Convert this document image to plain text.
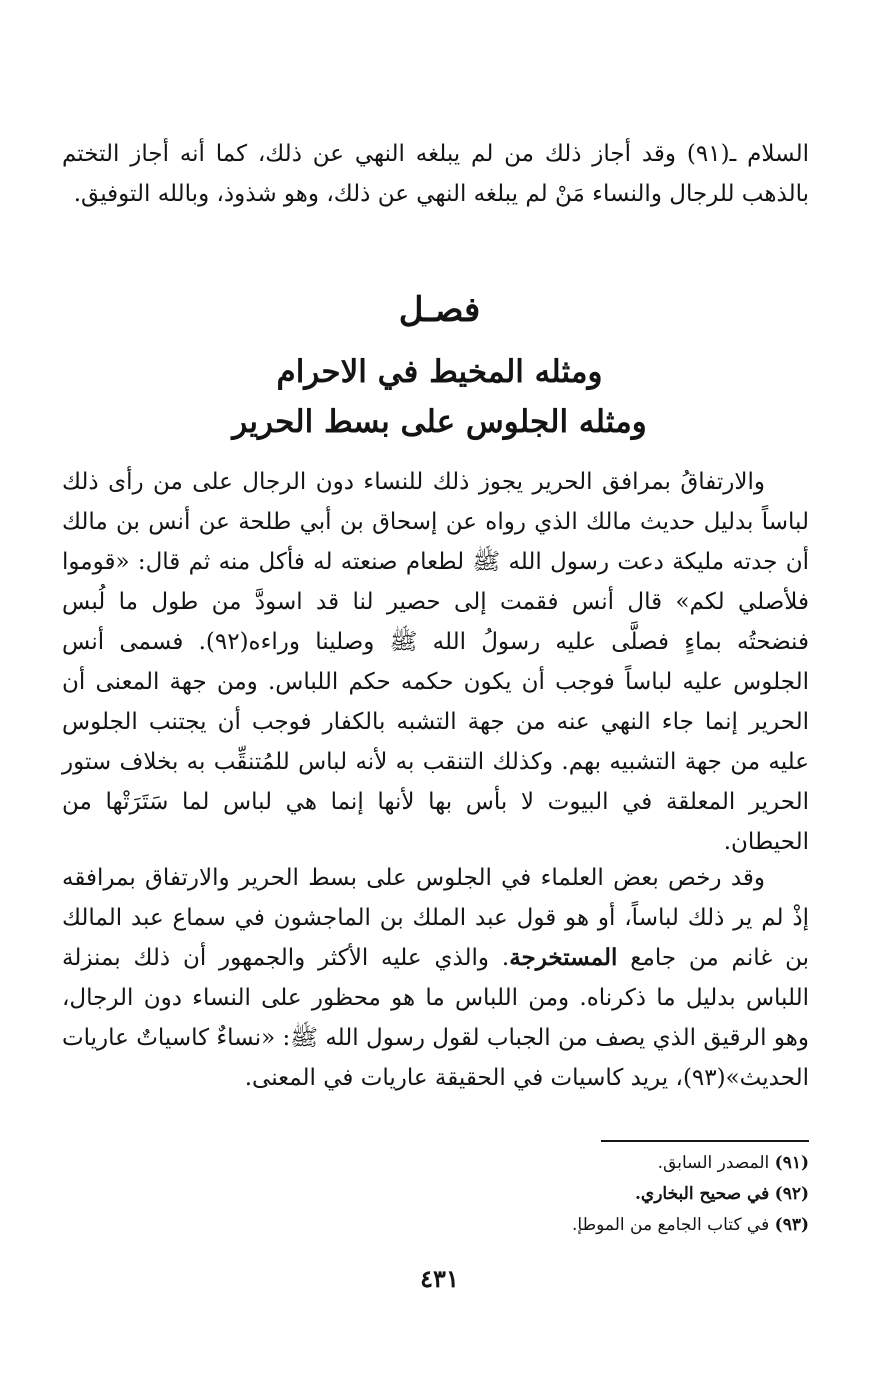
السلام ـ(٩١) وقد أجاز ذلك من لم يبلغه النهي عن ذلك، كما أنه أجاز التختم بالذهب للرجال والنساء مَنْ لم يبلغه النهي عن ذلك، وهو شذوذ، وبالله التوفيق.

فصـل
ومثله المخيط في الاحرام
ومثله الجلوس على بسط الحرير

والارتفاقُ بمرافق الحرير يجوز ذلك للنساء دون الرجال على من رأى ذلك لباساً بدليل حديث مالك الذي رواه عن إسحاق بن أبي طلحة عن أنس بن مالك أن جدته مليكة دعت رسول الله ﷺ لطعام صنعته له فأكل منه ثم قال: «قوموا فلأصلي لكم» قال أنس فقمت إلى حصير لنا قد اسودَّ من طول ما لُبس فنضحتُه بماءٍ فصلَّى عليه رسولُ الله ﷺ وصلينا وراءه(٩٢). فسمى أنس الجلوس عليه لباساً فوجب أن يكون حكمه حكم اللباس. ومن جهة المعنى أن الحرير إنما جاء النهي عنه من جهة التشبه بالكفار فوجب أن يجتنب الجلوس عليه من جهة التشبيه بهم. وكذلك التنقب به لأنه لباس للمُتنقِّب به بخلاف ستور الحرير المعلقة في البيوت لا بأس بها لأنها إنما هي لباس لما سَتَرَتْها من الحيطان.

وقد رخص بعض العلماء في الجلوس على بسط الحرير والارتفاق بمرافقه إذْ لم ير ذلك لباساً، أو هو قول عبد الملك بن الماجشون في سماع عبد المالك بن غانم من جامع المستخرجة. والذي عليه الأكثر والجمهور أن ذلك بمنزلة اللباس بدليل ما ذكرناه. ومن اللباس ما هو محظور على النساء دون الرجال، وهو الرقيق الذي يصف من الجباب لقول رسول الله ﷺ: «نساءٌ كاسياتٌ عاريات الحديث»(٩٣)، يريد كاسيات في الحقيقة عاريات في المعنى.

(٩١) المصدر السابق.
(٩٢) في صحيح البخاري.
(٩٣) في كتاب الجامع من الموطإ.
٤٣١
